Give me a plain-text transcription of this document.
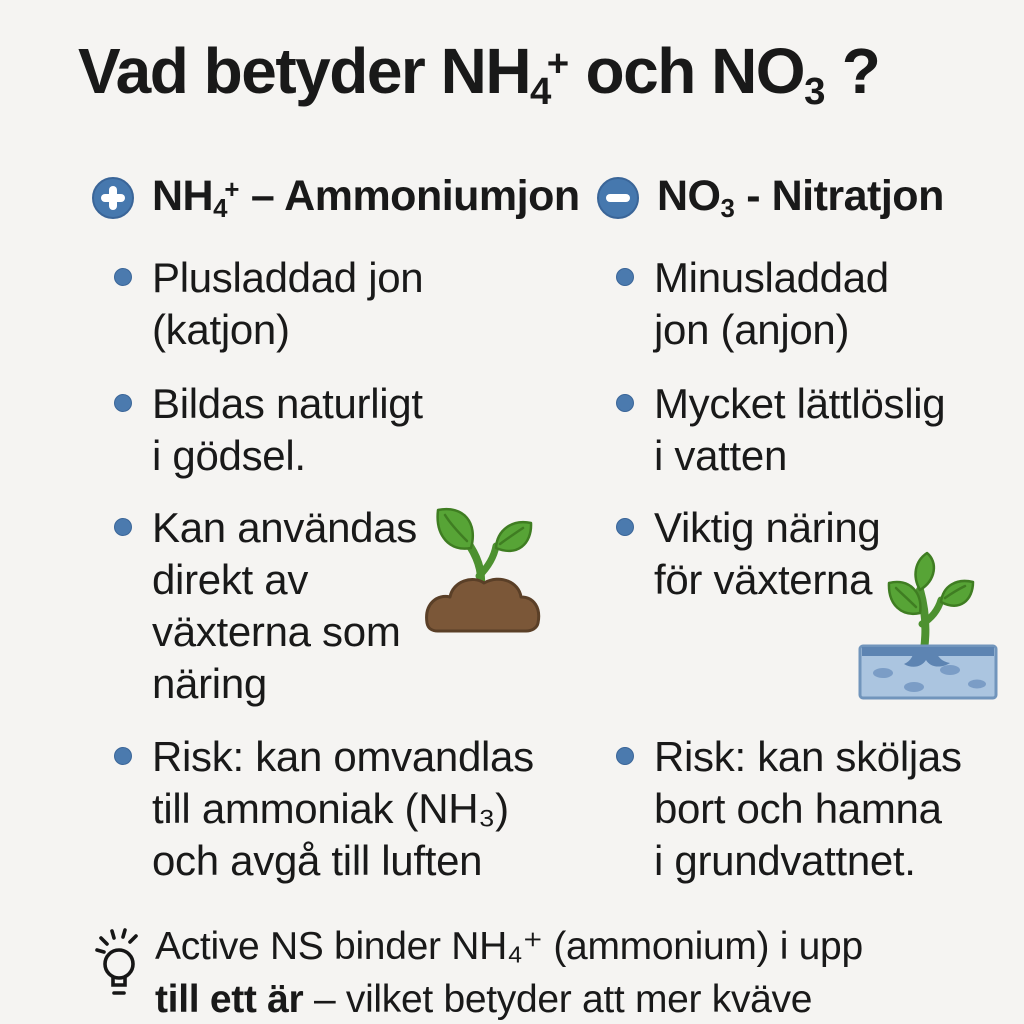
Vad betyder NH4+ och NO3 ?
NH4+ – Ammoniumjon NO3 - Nitratjon
Plusladdad jon
(katjon)
Bildas naturligt
i gödsel.
Kan användas
direkt av
växterna som
näring
Risk: kan omvandlas
till ammoniak (NH₃)
och avgå till luften
Minusladdad
jon (anjon)
Mycket lättlöslig
i vatten
Viktig näring
för växterna
Risk: kan sköljas
bort och hamna
i grundvattnet.
Active NS binder NH₄⁺ (ammonium) i upp
till ett är – vilket betyder att mer kväve
